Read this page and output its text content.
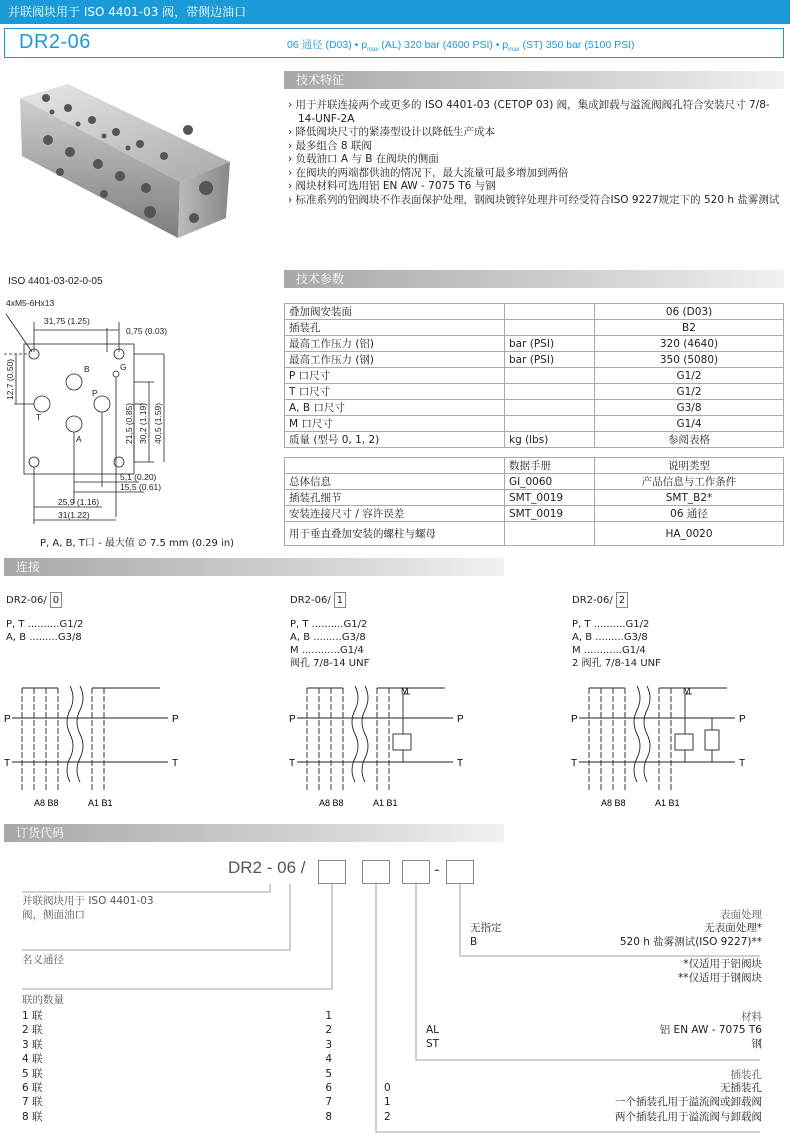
并联阀块用于 ISO 4401-03 阀，带侧边油口
DR2-06	06 通径 (D03) • $p_{max}$ (AL) 320 bar (4600 PSI) • $p_{max}$ (ST) 350 bar (5100 PSI)
技术特征
› 用于并联连接两个或更多的 ISO 4401-03 (CETOP 03) 阀，集成卸载与溢流阀阀孔符合安装尺寸 7/8-14-UNF-2A
› 降低阀块尺寸的紧凑型设计以降低生产成本
› 最多组合 8 联阀
› 负载油口 A 与 B 在阀块的侧面
› 在阀块的两端都供油的情况下，最大流量可最多增加到两倍
› 阀块材料可选用铝 EN AW - 7075 T6 与钢
› 标准系列的铝阀块不作表面保护处理，钢阀块镀锌处理并可经受符合ISO 9227规定下的 520 h 盐雾测试
ISO 4401-03-02-0-05
4xM5-6Hx13
31,75 (1.25)
0,75 (0.03)
12,7 (0.50)
21,5 (0.85) 30,2 (1.19) 40,5 (1.59)
5,1 (0.20)
15,5 (0.61)
25,9 (1.16)
31(1.22)
B
T
P
A
G
P, A, B, T口 - 最大值 ∅ 7.5 mm (0.29 in)
技术参数
叠加阀安装面		06 (D03)
插装孔		B2
最高工作压力 (铝)	bar (PSI)	320 (4640)
最高工作压力 (钢)	bar (PSI)	350 (5080)
P 口尺寸		G1/2
T 口尺寸		G1/2
A, B 口尺寸		G3/8
M 口尺寸		G1/4
质量 (型号 0, 1, 2)	kg (lbs)	参阅表格
	数据手册	说明类型
总体信息	GI_0060	产品信息与工作条件
插装孔细节	SMT_0019	SMT_B2*
安装连接尺寸 / 容许误差	SMT_0019	06 通径
用于垂直叠加安装的螺柱与螺母		HA_0020
连接
DR2-06/ 0
P, T ..........G1/2
A, B .........G3/8
DR2-06/ 1
P, T ..........G1/2
A, B .........G3/8
M ............G1/4
阀孔 7/8-14 UNF
DR2-06/ 2
P, T ..........G1/2
A, B .........G3/8
M ............G1/4
2 阀孔 7/8-14 UNF
P
T
P
T
A8 B8	A1 B1
P
T
P
T
M
A8 B8	A1 B1
P
T
P
T
M
A8 B8	A1 B1
订货代码
DR2 - 06 /	-
并联阀块用于 ISO 4401-03
阀，侧面油口
名义通径
联的数量
1 联	1
2 联	2
3 联	3
4 联	4
5 联	5
6 联	6
7 联	7
8 联	8
表面处理
无指定	无表面处理*
B	520 h 盐雾测试(ISO 9227)**
*仅适用于铝阀块
**仅适用于钢阀块
材料
AL	铝 EN AW - 7075 T6
ST	钢
插装孔
0	无插装孔
1	一个插装孔用于溢流阀或卸载阀
2	两个插装孔用于溢流阀与卸载阀
